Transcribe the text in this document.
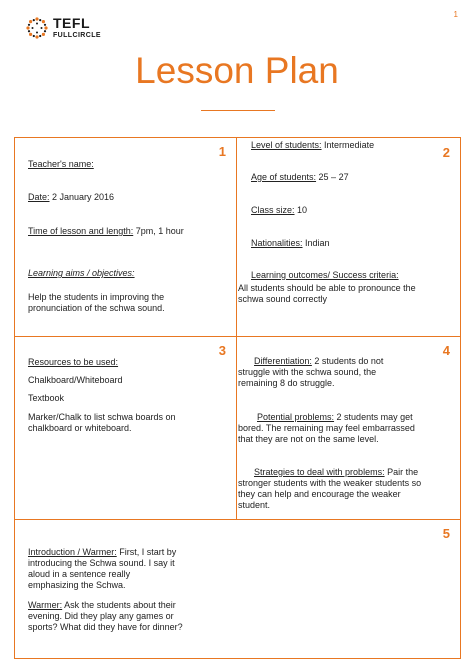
1
TEFL
FULLCIRCLE
Lesson Plan
1
Teacher's name:
Date: 2 January 2016
Time of lesson and length: 7pm, 1 hour
Learning aims / objectives:
Help the students in improving the pronunciation of the schwa sound.
2
Level of students: Intermediate
Age of students: 25 – 27
Class size: 10
Nationalities: Indian
Learning outcomes/ Success criteria:
All students should be able to pronounce the schwa sound correctly
3
Resources to be used:
Chalkboard/Whiteboard
Textbook
Marker/Chalk to list schwa boards on chalkboard or whiteboard.
4
Differentiation: 2 students do not struggle with the schwa sound, the remaining 8 do struggle.
Potential problems: 2 students may get bored. The remaining may feel embarrassed that they are not on the same level.
Strategies to deal with problems: Pair the stronger students with the weaker students so they can help and encourage the weaker student.
5
Introduction / Warmer: First, I start by introducing the Schwa sound. I say it aloud in a sentence really emphasizing the Schwa.
Warmer: Ask the students about their evening. Did they play any games or sports? What did they have for dinner?
